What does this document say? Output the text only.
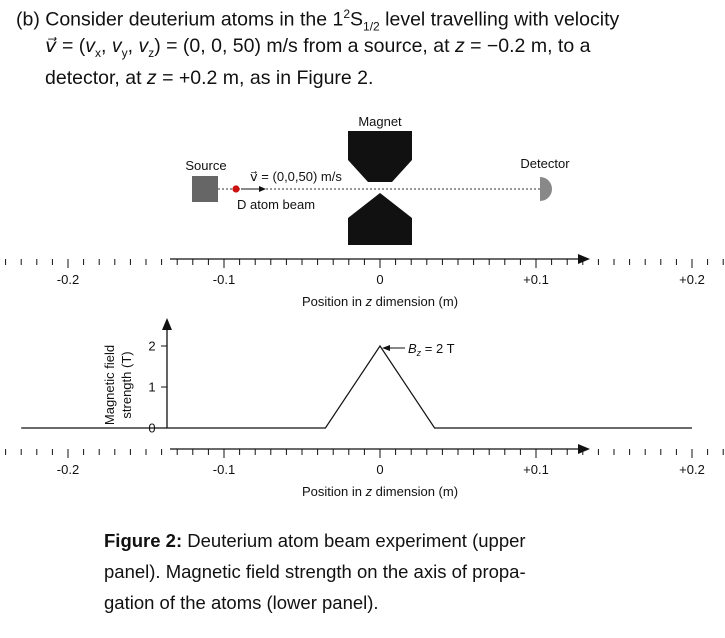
(b) Consider deuterium atoms in the $1^2S_{1/2}$ level travelling with velocity
v⃗ = ($v_x$, $v_y$, $v_z) = (0$, 0, 50) m/s from a source, at z = −0.2 m, to a
detector, at z = +0.2 m, as in Figure 2.
Magnet
Source	Detector
v⃗ = (0,0,50) m/s
D atom beam
-0.2	-0.1	0	+0.1	+0.2
Position in z dimension (m)
Magnetic field strength (T)
0
1
2
-0.2	-0.1	0	+0.1	+0.2
Position in z dimension (m)
$B_z = 2$ T
Figure 2: Deuterium atom beam experiment (upper
panel). Magnetic field strength on the axis of propa-
gation of the atoms (lower panel).
